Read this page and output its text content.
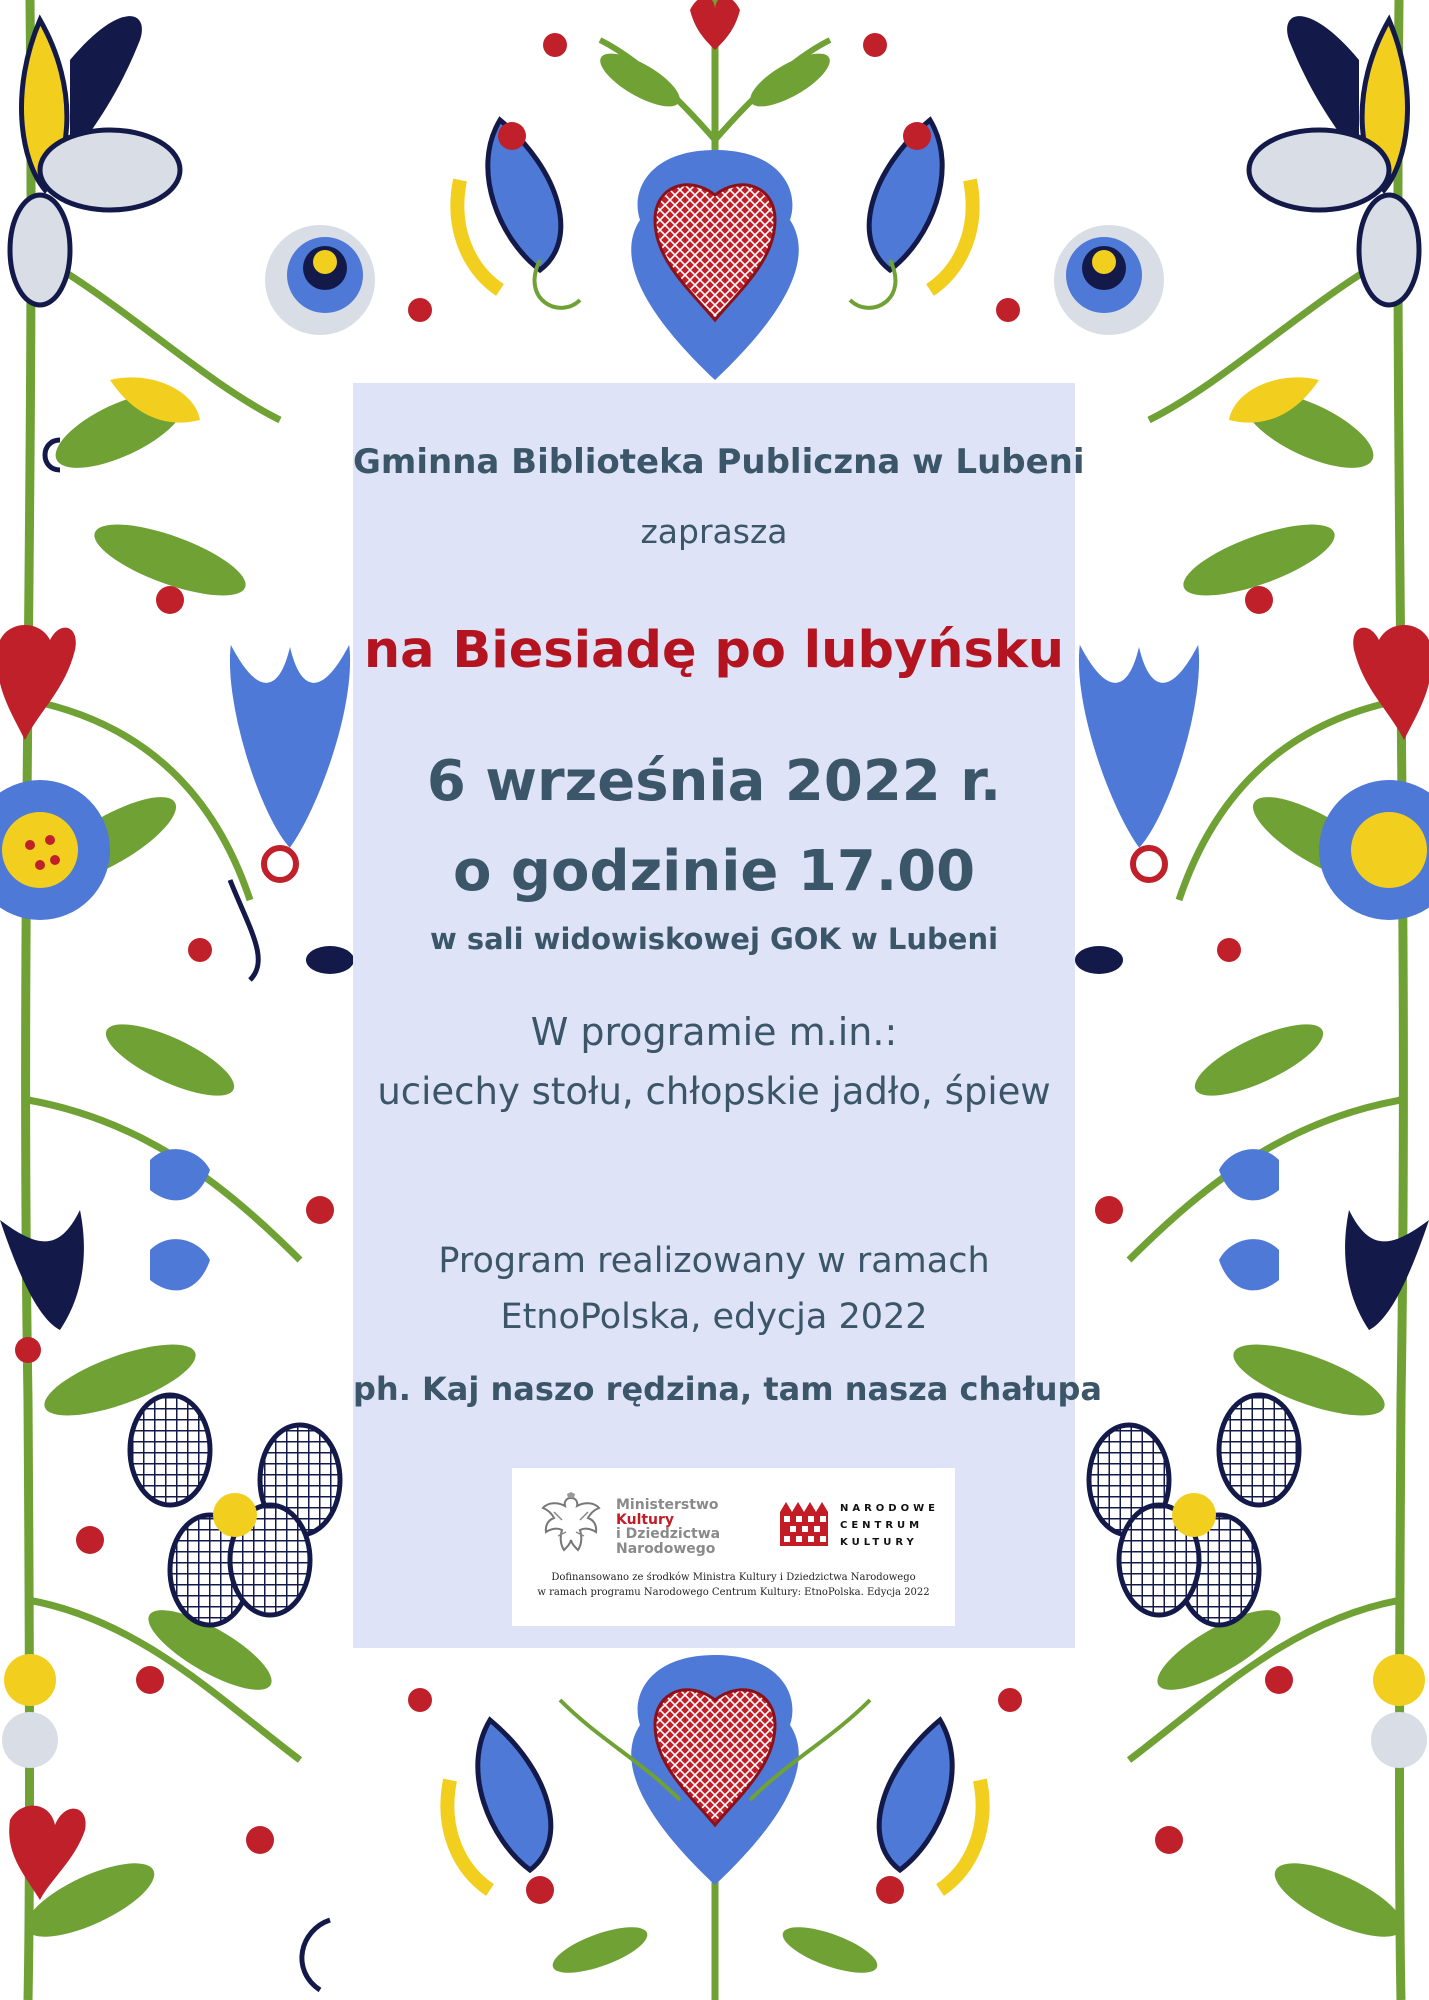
Gminna Biblioteka Publiczna w Lubeni
zaprasza
na Biesiadę po lubyńsku
6 września 2022 r.
o godzinie 17.00
w sali widowiskowej GOK w Lubeni
W programie m.in.:
uciechy stołu, chłopskie jadło, śpiew
Program realizowany w ramach
EtnoPolska, edycja 2022
ph. Kaj naszo rędzina, tam nasza chałupa
Ministerstwo
Kultury
i Dziedzictwa
Narodowego
NARODOWE
CENTRUM
KULTURY
Dofinansowano ze środków Ministra Kultury i Dziedzictwa Narodowego
w ramach programu Narodowego Centrum Kultury: EtnoPolska. Edycja 2022
